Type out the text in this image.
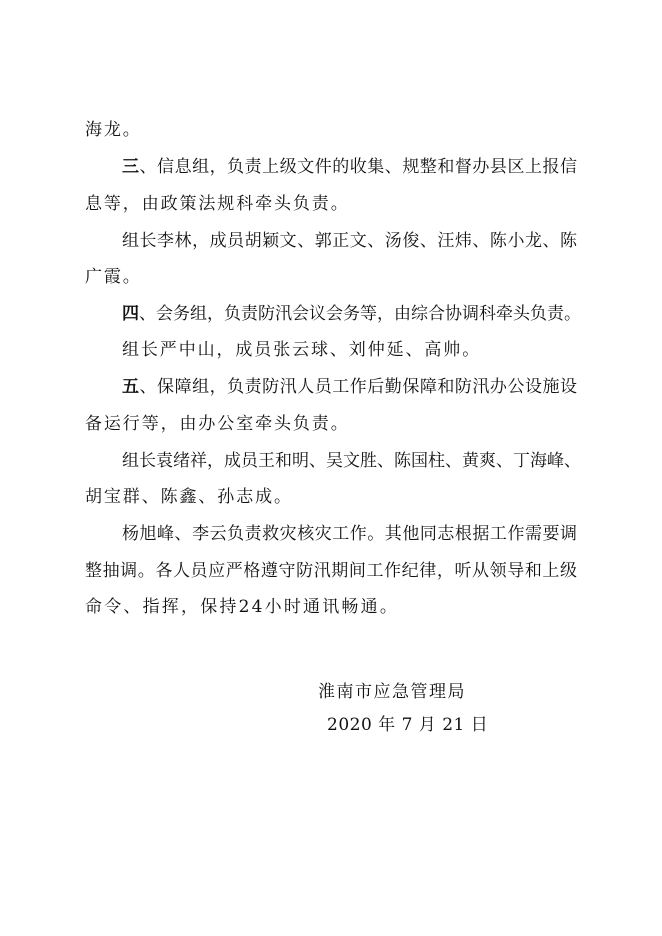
海龙。
三、信息组，负责上级文件的收集、规整和督办县区上报信
息等，由政策法规科牵头负责。
组长李林，成员胡颖文、郭正文、汤俊、汪炜、陈小龙、陈
广霞。
四、会务组，负责防汛会议会务等，由综合协调科牵头负责。
组长严中山，成员张云球、刘仲延、高帅。
五、保障组，负责防汛人员工作后勤保障和防汛办公设施设
备运行等，由办公室牵头负责。
组长袁绪祥，成员王和明、吴文胜、陈国柱、黄爽、丁海峰、
胡宝群、陈鑫、孙志成。
杨旭峰、李云负责救灾核灾工作。其他同志根据工作需要调
整抽调。各人员应严格遵守防汛期间工作纪律，听从领导和上级
命令、指挥，保持24小时通讯畅通。
淮南市应急管理局
2020 年 7 月 21 日
